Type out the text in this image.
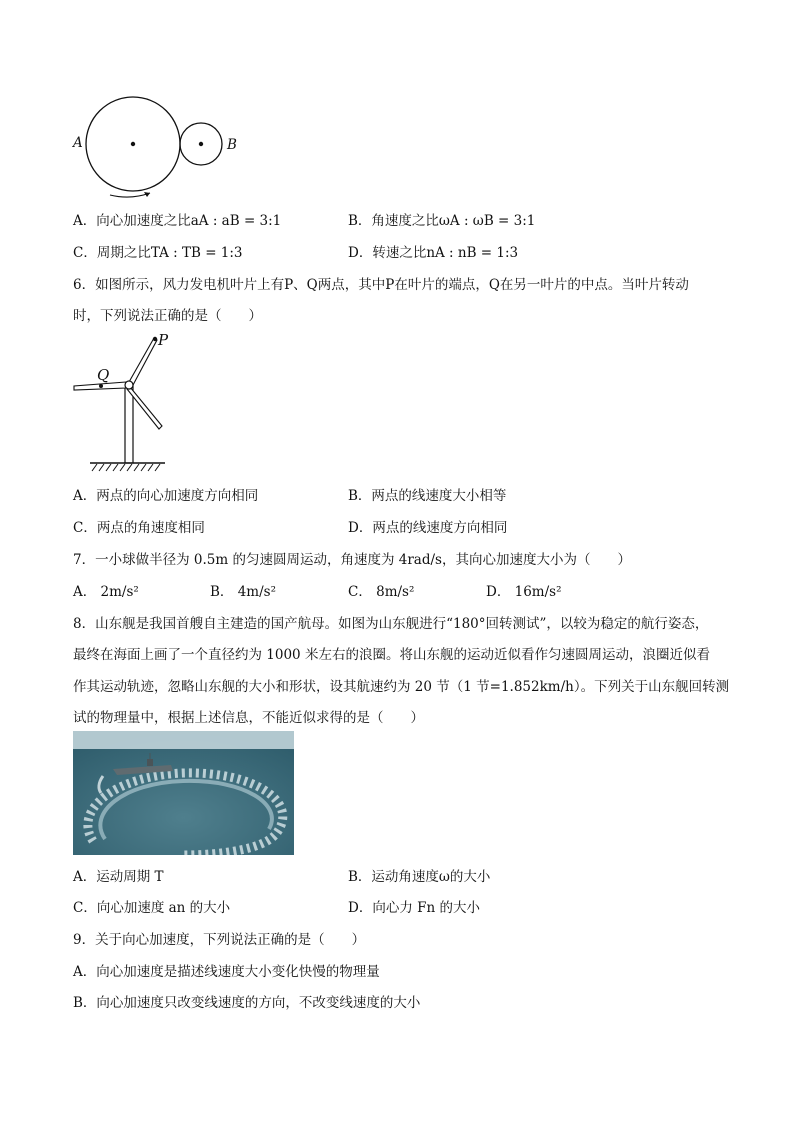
A	B
A．向心加速度之比aA : aB = 3:1	B．角速度之比ωA : ωB = 3:1
C．周期之比TA : TB = 1:3	D．转速之比nA : nB = 1:3
6．如图所示，风力发电机叶片上有P、Q两点，其中P在叶片的端点，Q在另一叶片的中点。当叶片转动
时，下列说法正确的是（　　）
P
Q
A．两点的向心加速度方向相同	B．两点的线速度大小相等
C．两点的角速度相同	D．两点的线速度方向相同
7．一小球做半径为 0.5m 的匀速圆周运动，角速度为 4rad/s，其向心加速度大小为（　　）
A． 2m/s²	B． 4m/s²	C． 8m/s²	D． 16m/s²
8．山东舰是我国首艘自主建造的国产航母。如图为山东舰进行“180°回转测试”，以较为稳定的航行姿态，
最终在海面上画了一个直径约为 1000 米左右的浪圈。将山东舰的运动近似看作匀速圆周运动，浪圈近似看
作其运动轨迹，忽略山东舰的大小和形状，设其航速约为 20 节（1 节=1.852km/h）。下列关于山东舰回转测
试的物理量中，根据上述信息，不能近似求得的是（　　）
A．运动周期 T	B．运动角速度ω的大小
C．向心加速度 an 的大小	D．向心力 Fn 的大小
9．关于向心加速度，下列说法正确的是（　　）
A．向心加速度是描述线速度大小变化快慢的物理量
B．向心加速度只改变线速度的方向，不改变线速度的大小
